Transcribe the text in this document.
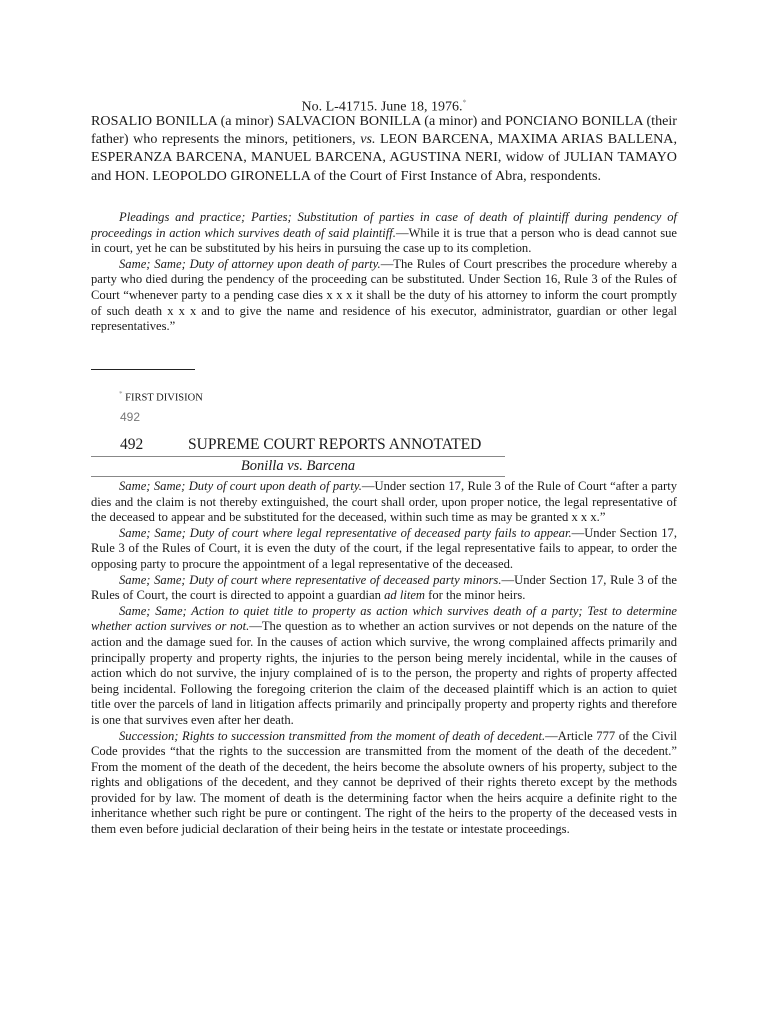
No. L-41715. June 18, 1976.*
ROSALIO BONILLA (a minor) SALVACION BONILLA (a minor) and PONCIANO BONILLA (their father) who represents the minors, petitioners, vs. LEON BARCENA, MAXIMA ARIAS BALLENA, ESPERANZA BARCENA, MANUEL BARCENA, AGUSTINA NERI, widow of JULIAN TAMAYO and HON. LEOPOLDO GIRONELLA of the Court of First Instance of Abra, respondents.

Pleadings and practice; Parties; Substitution of parties in case of death of plaintiff during pendency of proceedings in action which survives death of said plaintiff.—While it is true that a person who is dead cannot sue in court, yet he can be substituted by his heirs in pursuing the case up to its completion.

Same; Same; Duty of attorney upon death of party.—The Rules of Court prescribes the procedure whereby a party who died during the pendency of the proceeding can be substituted. Under Section 16, Rule 3 of the Rules of Court “whenever party to a pending case dies x x x it shall be the duty of his attorney to inform the court promptly of such death x x x and to give the name and residence of his executor, administrator, guardian or other legal representatives.”

* FIRST DIVISION
492
492	SUPREME COURT REPORTS ANNOTATED
Bonilla vs. Barcena

Same; Same; Duty of court upon death of party.—Under section 17, Rule 3 of the Rule of Court “after a party dies and the claim is not thereby extinguished, the court shall order, upon proper notice, the legal representative of the deceased to appear and be substituted for the deceased, within such time as may be granted x x x.”

Same; Same; Duty of court where legal representative of deceased party fails to appear.—Under Section 17, Rule 3 of the Rules of Court, it is even the duty of the court, if the legal representative fails to appear, to order the opposing party to procure the appointment of a legal representative of the deceased.

Same; Same; Duty of court where representative of deceased party minors.—Under Section 17, Rule 3 of the Rules of Court, the court is directed to appoint a guardian ad litem for the minor heirs.

Same; Same; Action to quiet title to property as action which survives death of a party; Test to determine whether action survives or not.—The question as to whether an action survives or not depends on the nature of the action and the damage sued for. In the causes of action which survive, the wrong complained affects primarily and principally property and property rights, the injuries to the person being merely incidental, while in the causes of action which do not survive, the injury complained of is to the person, the property and rights of property affected being incidental. Following the foregoing criterion the claim of the deceased plaintiff which is an action to quiet title over the parcels of land in litigation affects primarily and principally property and property rights and therefore is one that survives even after her death.

Succession; Rights to succession transmitted from the moment of death of decedent.—Article 777 of the Civil Code provides “that the rights to the succession are transmitted from the moment of the death of the decedent.” From the moment of the death of the decedent, the heirs become the absolute owners of his property, subject to the rights and obligations of the decedent, and they cannot be deprived of their rights thereto except by the methods provided for by law. The moment of death is the determining factor when the heirs acquire a definite right to the inheritance whether such right be pure or contingent. The right of the heirs to the property of the deceased vests in them even before judicial declaration of their being heirs in the testate or intestate proceedings.
